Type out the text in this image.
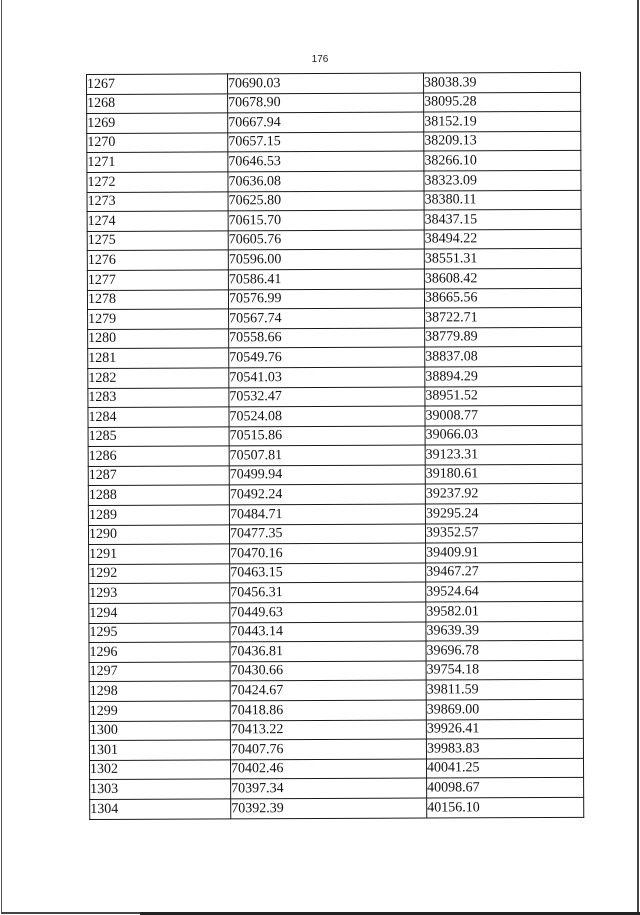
176
1267	70690.03	38038.39
1268	70678.90	38095.28
1269	70667.94	38152.19
1270	70657.15	38209.13
1271	70646.53	38266.10
1272	70636.08	38323.09
1273	70625.80	38380.11
1274	70615.70	38437.15
1275	70605.76	38494.22
1276	70596.00	38551.31
1277	70586.41	38608.42
1278	70576.99	38665.56
1279	70567.74	38722.71
1280	70558.66	38779.89
1281	70549.76	38837.08
1282	70541.03	38894.29
1283	70532.47	38951.52
1284	70524.08	39008.77
1285	70515.86	39066.03
1286	70507.81	39123.31
1287	70499.94	39180.61
1288	70492.24	39237.92
1289	70484.71	39295.24
1290	70477.35	39352.57
1291	70470.16	39409.91
1292	70463.15	39467.27
1293	70456.31	39524.64
1294	70449.63	39582.01
1295	70443.14	39639.39
1296	70436.81	39696.78
1297	70430.66	39754.18
1298	70424.67	39811.59
1299	70418.86	39869.00
1300	70413.22	39926.41
1301	70407.76	39983.83
1302	70402.46	40041.25
1303	70397.34	40098.67
1304	70392.39	40156.10
